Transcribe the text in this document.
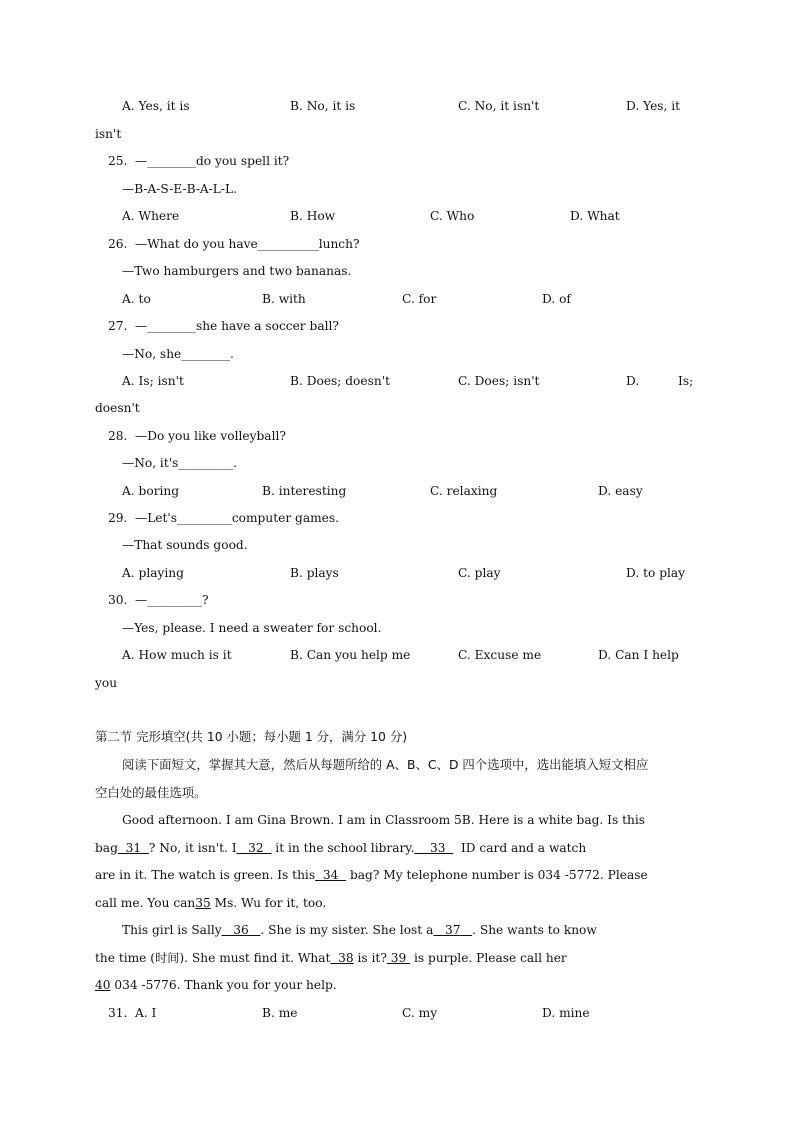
A. Yes, it is	B. No, it is	C. No, it isn't	D. Yes, it
isn't
25. —________do you spell it?
—B-A-S-E-B-A-L-L.
A. Where	B. How	C. Who	D. What
26. —What do you have__________lunch?
—Two hamburgers and two bananas.
A. to	B. with	C. for	D. of
27. —________she have a soccer ball?
—No, she________.
A. Is; isn't	B. Does; doesn't	C. Does; isn't	D.	Is;
doesn't
28. —Do you like volleyball?
—No, it's_________.
A. boring	B. interesting	C. relaxing	D. easy
29. —Let's_________computer games.
—That sounds good.
A. playing	B. plays	C. play	D. to play
30. —_________?
—Yes, please. I need a sweater for school.
A. How much is it	B. Can you help me	C. Excuse me	D. Can I help
you
第二节 完形填空(共 10 小题；每小题 1 分，满分 10 分)
阅读下面短文，掌握其大意，然后从每题所给的 A、B、C、D 四个选项中，选出能填入短文相应
空白处的最佳选项。
Good afternoon. I am Gina Brown. I am in Classroom 5B. Here is a white bag. Is this
bag  31  ? No, it isn't. I   32   it in the school library.    33    ID card and a watch
are in it. The watch is green. Is this  34   bag? My telephone number is 034 -5772. Please
call me. You can35 Ms. Wu for it, too.
This girl is Sally   36   . She is my sister. She lost a   37   . She wants to know
the time (时间). She must find it. What  38 is it? 39  is purple. Please call her
40 034 -5776. Thank you for your help.
31. A. I	B. me	C. my	D. mine
